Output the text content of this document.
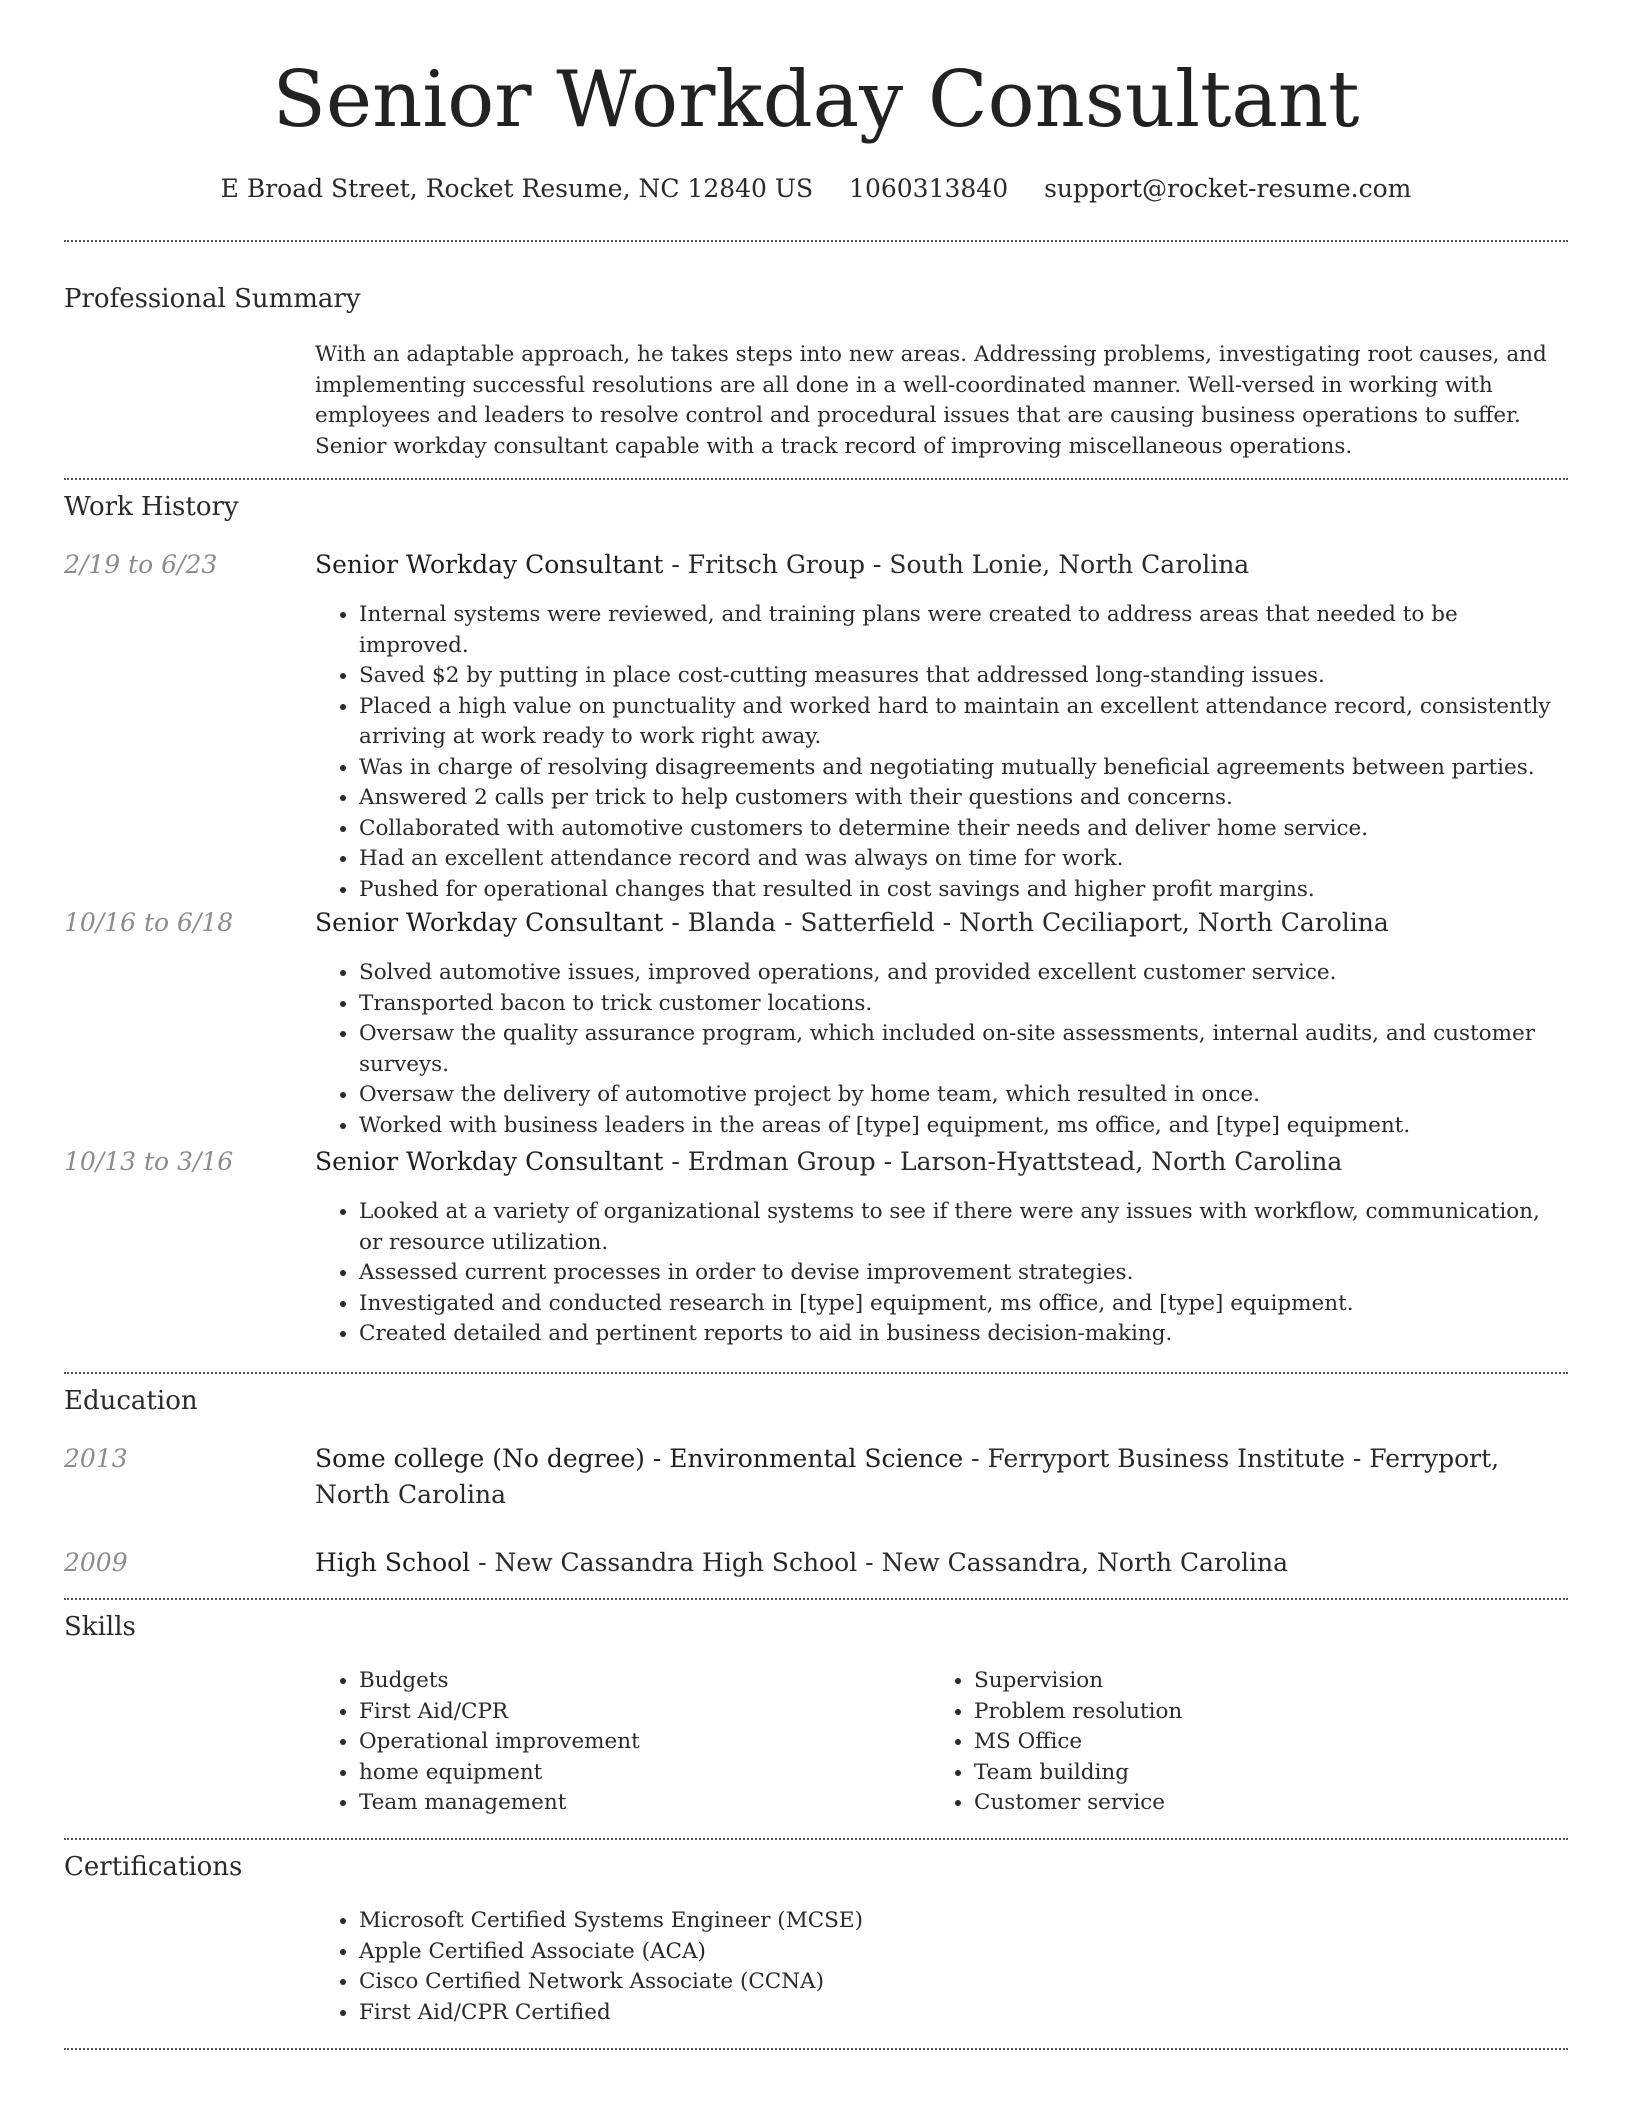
Senior Workday Consultant
E Broad Street, Rocket Resume, NC 12840 US 1060313840 support@rocket-resume.com
Professional Summary

With an adaptable approach, he takes steps into new areas. Addressing problems, investigating root causes, and implementing successful resolutions are all done in a well-coordinated manner. Well-versed in working with employees and leaders to resolve control and procedural issues that are causing business operations to suffer. Senior workday consultant capable with a track record of improving miscellaneous operations.

Work History
2/19 to 6/23	Senior Workday Consultant - Fritsch Group - South Lonie, North Carolina
• Internal systems were reviewed, and training plans were created to address areas that needed to be improved.
• Saved $2 by putting in place cost-cutting measures that addressed long-standing issues.
• Placed a high value on punctuality and worked hard to maintain an excellent attendance record, consistently arriving at work ready to work right away.
• Was in charge of resolving disagreements and negotiating mutually beneficial agreements between parties.
• Answered 2 calls per trick to help customers with their questions and concerns.
• Collaborated with automotive customers to determine their needs and deliver home service.
• Had an excellent attendance record and was always on time for work.
• Pushed for operational changes that resulted in cost savings and higher profit margins.
10/16 to 6/18	Senior Workday Consultant - Blanda - Satterfield - North Ceciliaport, North Carolina
• Solved automotive issues, improved operations, and provided excellent customer service.
• Transported bacon to trick customer locations.
• Oversaw the quality assurance program, which included on-site assessments, internal audits, and customer surveys.
• Oversaw the delivery of automotive project by home team, which resulted in once.
• Worked with business leaders in the areas of [type] equipment, ms office, and [type] equipment.
10/13 to 3/16	Senior Workday Consultant - Erdman Group - Larson-Hyattstead, North Carolina
• Looked at a variety of organizational systems to see if there were any issues with workflow, communication, or resource utilization.
• Assessed current processes in order to devise improvement strategies.
• Investigated and conducted research in [type] equipment, ms office, and [type] equipment.
• Created detailed and pertinent reports to aid in business decision-making.
Education
2013	Some college (No degree) - Environmental Science - Ferryport Business Institute - Ferryport, North Carolina
2009	High School - New Cassandra High School - New Cassandra, North Carolina
Skills
• Budgets
• First Aid/CPR
• Operational improvement
• home equipment
• Team management
• Supervision
• Problem resolution
• MS Office
• Team building
• Customer service
Certifications
• Microsoft Certified Systems Engineer (MCSE)
• Apple Certified Associate (ACA)
• Cisco Certified Network Associate (CCNA)
• First Aid/CPR Certified
